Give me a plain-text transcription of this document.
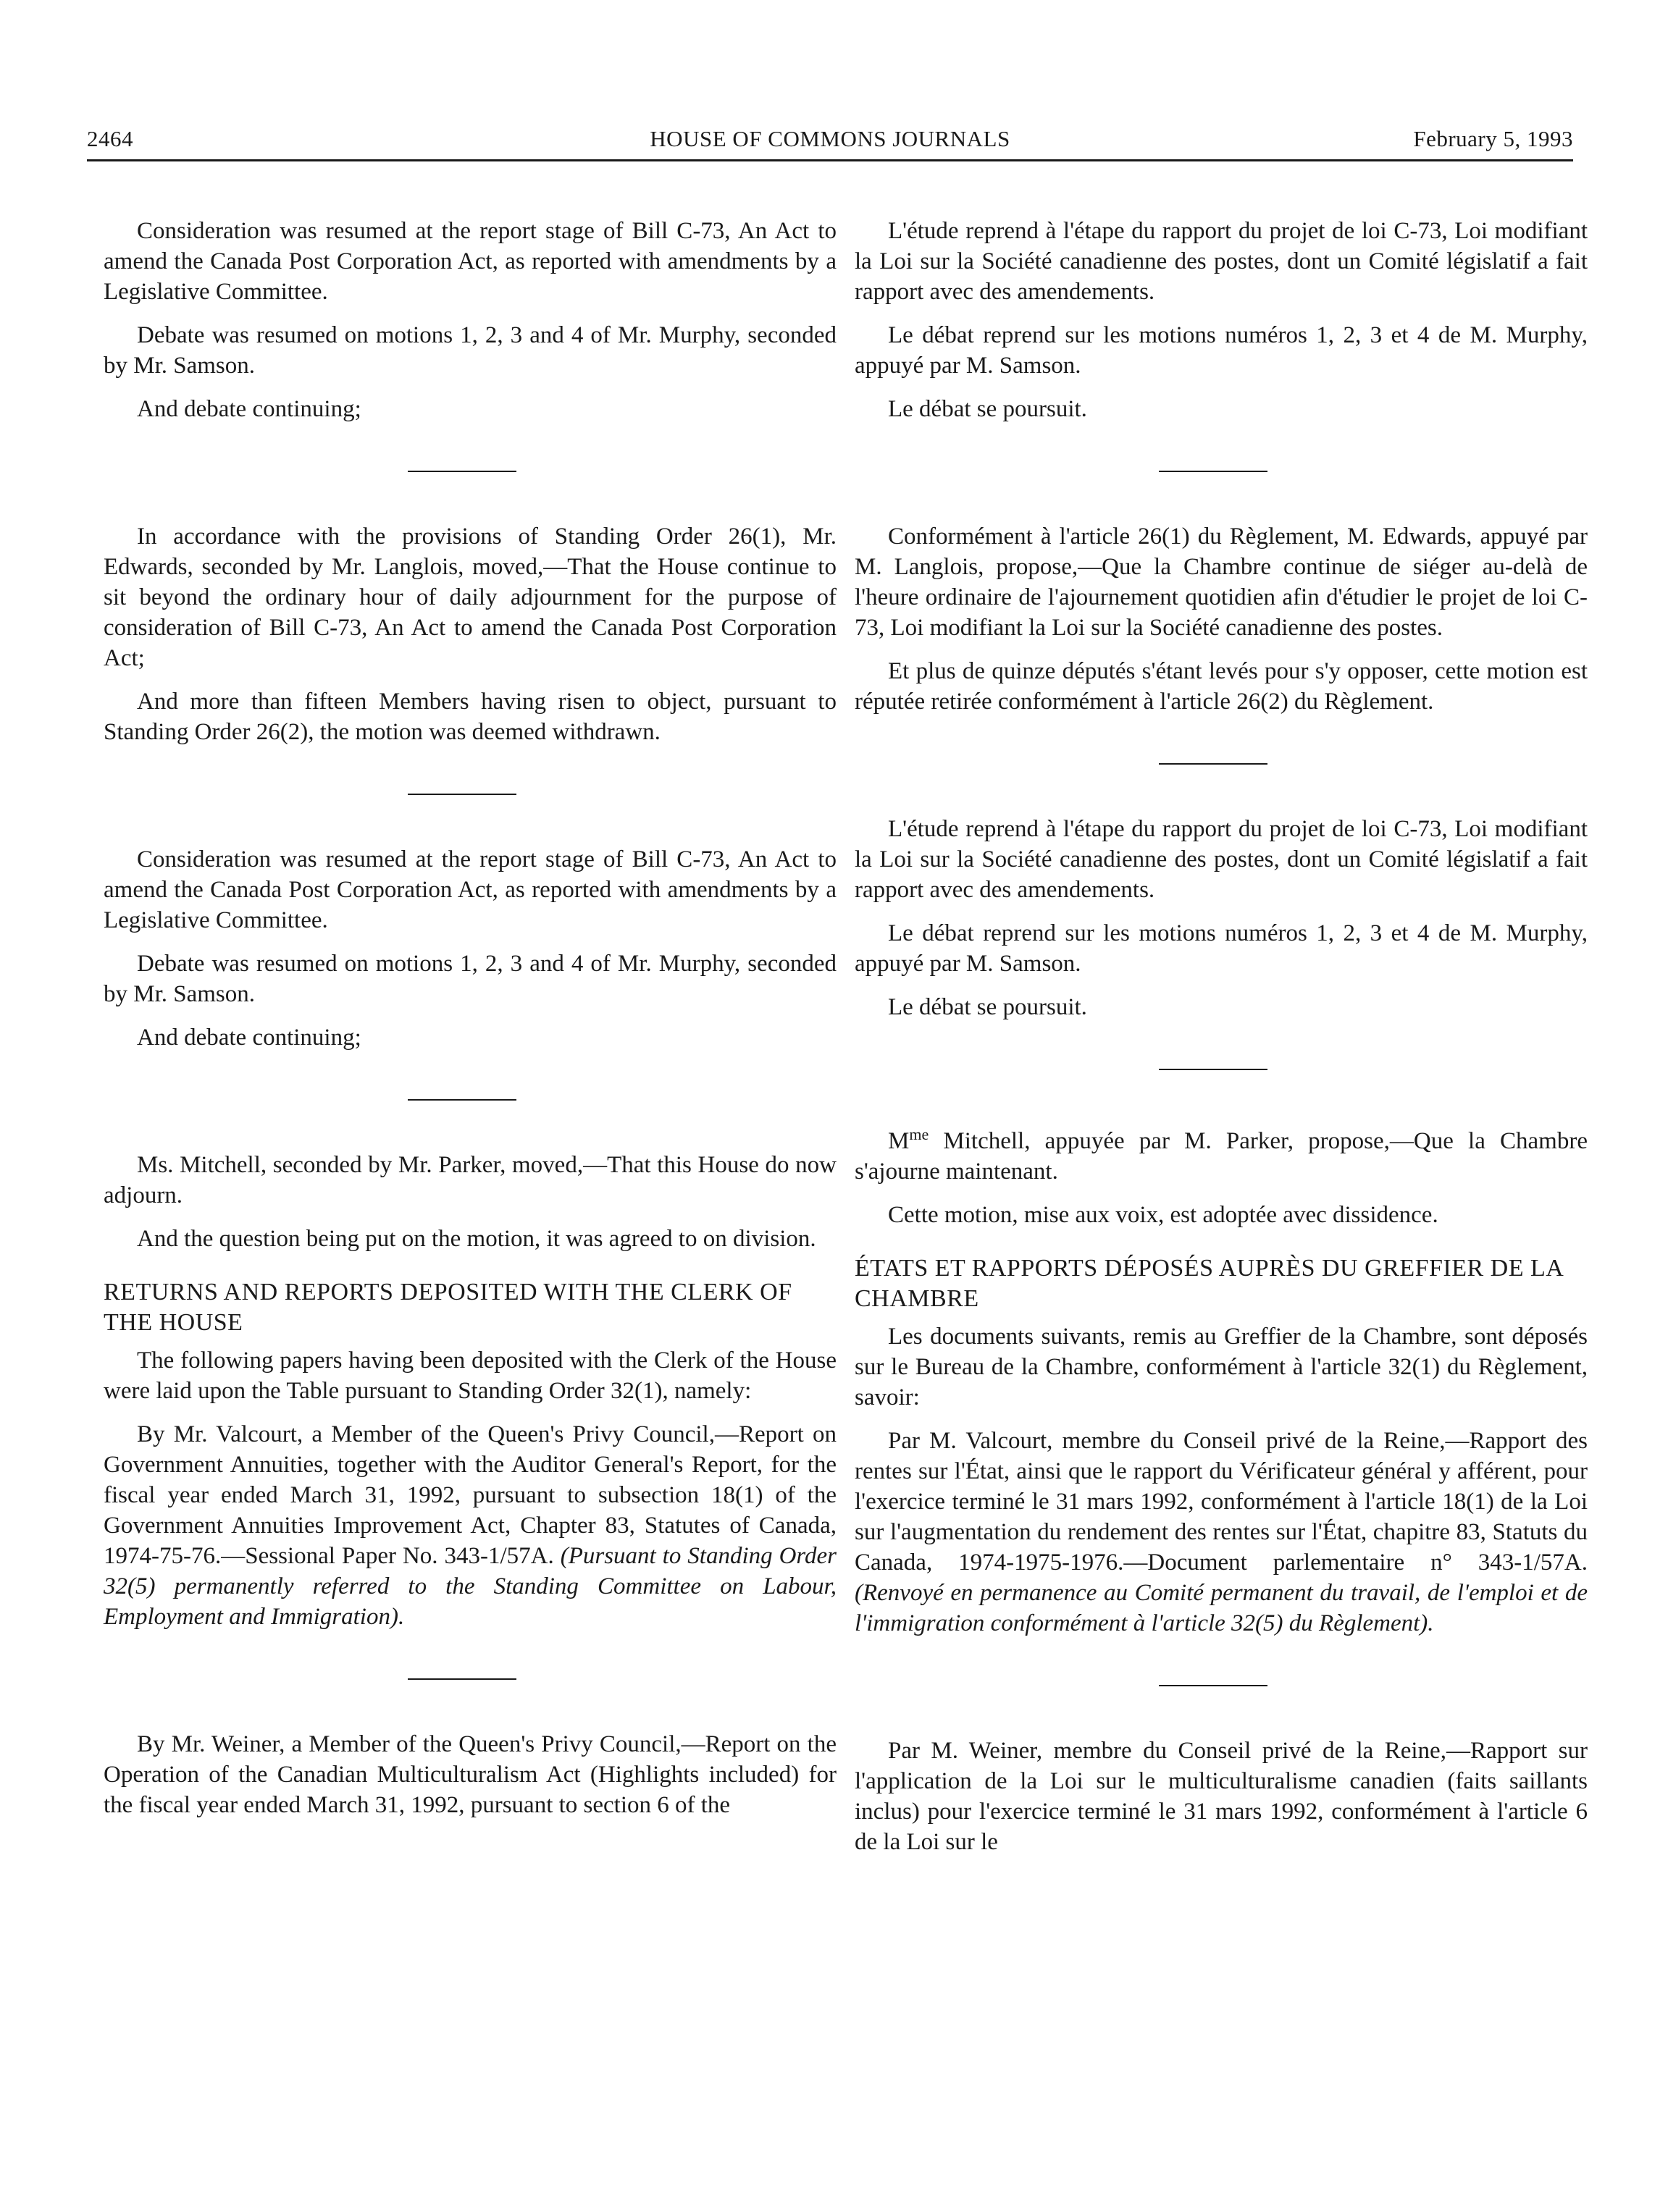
2464	HOUSE OF COMMONS JOURNALS	February 5, 1993

Consideration was resumed at the report stage of Bill C-73, An Act to amend the Canada Post Corporation Act, as reported with amendments by a Legislative Committee.

Debate was resumed on motions 1, 2, 3 and 4 of Mr. Murphy, seconded by Mr. Samson.

And debate continuing;

In accordance with the provisions of Standing Order 26(1), Mr. Edwards, seconded by Mr. Langlois, moved,—That the House continue to sit beyond the ordinary hour of daily adjournment for the purpose of consideration of Bill C-73, An Act to amend the Canada Post Corporation Act;

And more than fifteen Members having risen to object, pursuant to Standing Order 26(2), the motion was deemed withdrawn.

Consideration was resumed at the report stage of Bill C-73, An Act to amend the Canada Post Corporation Act, as reported with amendments by a Legislative Committee.

Debate was resumed on motions 1, 2, 3 and 4 of Mr. Murphy, seconded by Mr. Samson.

And debate continuing;

Ms. Mitchell, seconded by Mr. Parker, moved,—That this House do now adjourn.

And the question being put on the motion, it was agreed to on division.

RETURNS AND REPORTS DEPOSITED WITH THE CLERK OF THE HOUSE

The following papers having been deposited with the Clerk of the House were laid upon the Table pursuant to Standing Order 32(1), namely:

By Mr. Valcourt, a Member of the Queen's Privy Council,—Report on Government Annuities, together with the Auditor General's Report, for the fiscal year ended March 31, 1992, pursuant to subsection 18(1) of the Government Annuities Improvement Act, Chapter 83, Statutes of Canada, 1974-75-76.—Sessional Paper No. 343-1/57A. (Pursuant to Standing Order 32(5) permanently referred to the Standing Committee on Labour, Employment and Immigration).

By Mr. Weiner, a Member of the Queen's Privy Council,—Report on the Operation of the Canadian Multiculturalism Act (Highlights included) for the fiscal year ended March 31, 1992, pursuant to section 6 of the

L'étude reprend à l'étape du rapport du projet de loi C-73, Loi modifiant la Loi sur la Société canadienne des postes, dont un Comité législatif a fait rapport avec des amendements.

Le débat reprend sur les motions numéros 1, 2, 3 et 4 de M. Murphy, appuyé par M. Samson.

Le débat se poursuit.

Conformément à l'article 26(1) du Règlement, M. Edwards, appuyé par M. Langlois, propose,—Que la Chambre continue de siéger au-delà de l'heure ordinaire de l'ajournement quotidien afin d'étudier le projet de loi C-73, Loi modifiant la Loi sur la Société canadienne des postes.

Et plus de quinze députés s'étant levés pour s'y opposer, cette motion est réputée retirée conformément à l'article 26(2) du Règlement.

L'étude reprend à l'étape du rapport du projet de loi C-73, Loi modifiant la Loi sur la Société canadienne des postes, dont un Comité législatif a fait rapport avec des amendements.

Le débat reprend sur les motions numéros 1, 2, 3 et 4 de M. Murphy, appuyé par M. Samson.

Le débat se poursuit.

$M^{me}$ Mitchell, appuyée par M. Parker, propose,—Que la Chambre s'ajourne maintenant.

Cette motion, mise aux voix, est adoptée avec dissidence.

ÉTATS ET RAPPORTS DÉPOSÉS AUPRÈS DU GREFFIER DE LA CHAMBRE

Les documents suivants, remis au Greffier de la Chambre, sont déposés sur le Bureau de la Chambre, conformément à l'article 32(1) du Règlement, savoir:

Par M. Valcourt, membre du Conseil privé de la Reine,—Rapport des rentes sur l'État, ainsi que le rapport du Vérificateur général y afférent, pour l'exercice terminé le 31 mars 1992, conformément à l'article 18(1) de la Loi sur l'augmentation du rendement des rentes sur l'État, chapitre 83, Statuts du Canada, 1974-1975-1976.—Document parlementaire n° 343-1/57A. (Renvoyé en permanence au Comité permanent du travail, de l'emploi et de l'immigration conformément à l'article 32(5) du Règlement).

Par M. Weiner, membre du Conseil privé de la Reine,—Rapport sur l'application de la Loi sur le multiculturalisme canadien (faits saillants inclus) pour l'exercice terminé le 31 mars 1992, conformément à l'article 6 de la Loi sur le
